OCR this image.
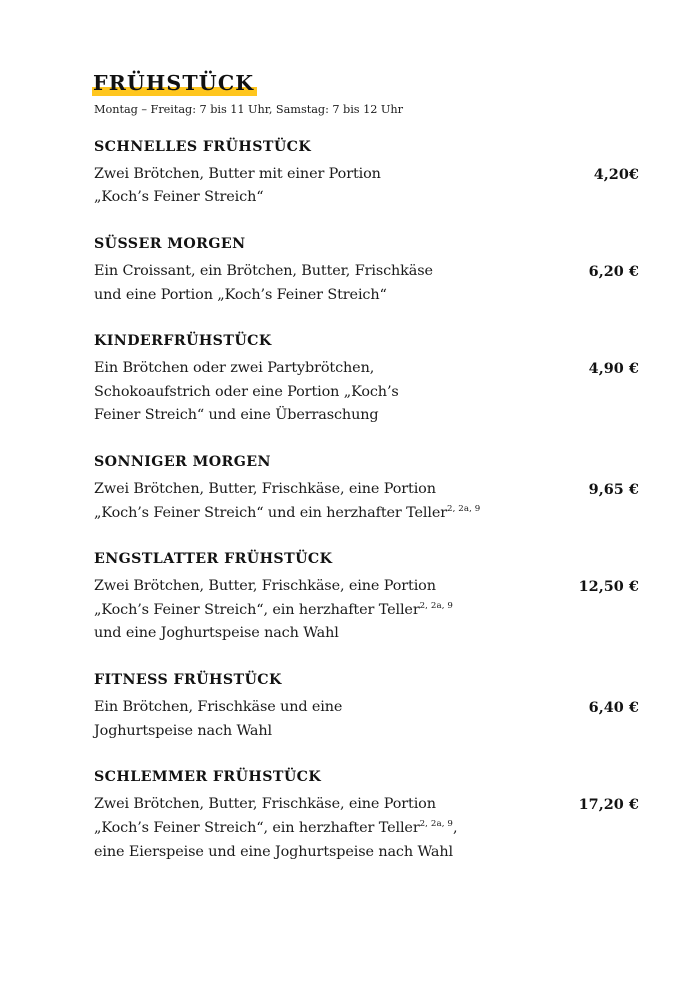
FRÜHSTÜCK
Montag – Freitag: 7 bis 11 Uhr, Samstag: 7 bis 12 Uhr
SCHNELLES FRÜHSTÜCK
Zwei Brötchen, Butter mit einer Portion
„Koch’s Feiner Streich“
4,20€
SÜSSER MORGEN
Ein Croissant, ein Brötchen, Butter, Frischkäse
und eine Portion „Koch’s Feiner Streich“
6,20 €
KINDERFRÜHSTÜCK
Ein Brötchen oder zwei Partybrötchen,
Schokoaufstrich oder eine Portion „Koch’s
Feiner Streich“ und eine Überraschung
4,90 €
SONNIGER MORGEN
Zwei Brötchen, Butter, Frischkäse, eine Portion
„Koch’s Feiner Streich“ und ein herzhafter Teller$^{2, 2a, 9}$
9,65 €
ENGSTLATTER FRÜHSTÜCK
Zwei Brötchen, Butter, Frischkäse, eine Portion
„Koch’s Feiner Streich“, ein herzhafter Teller$^{2, 2a, 9}$
und eine Joghurtspeise nach Wahl
12,50 €
FITNESS FRÜHSTÜCK
Ein Brötchen, Frischkäse und eine
Joghurtspeise nach Wahl
6,40 €
SCHLEMMER FRÜHSTÜCK
Zwei Brötchen, Butter, Frischkäse, eine Portion
„Koch’s Feiner Streich“, ein herzhafter Teller$^{2, 2a, 9}$,
eine Eierspeise und eine Joghurtspeise nach Wahl
17,20 €
